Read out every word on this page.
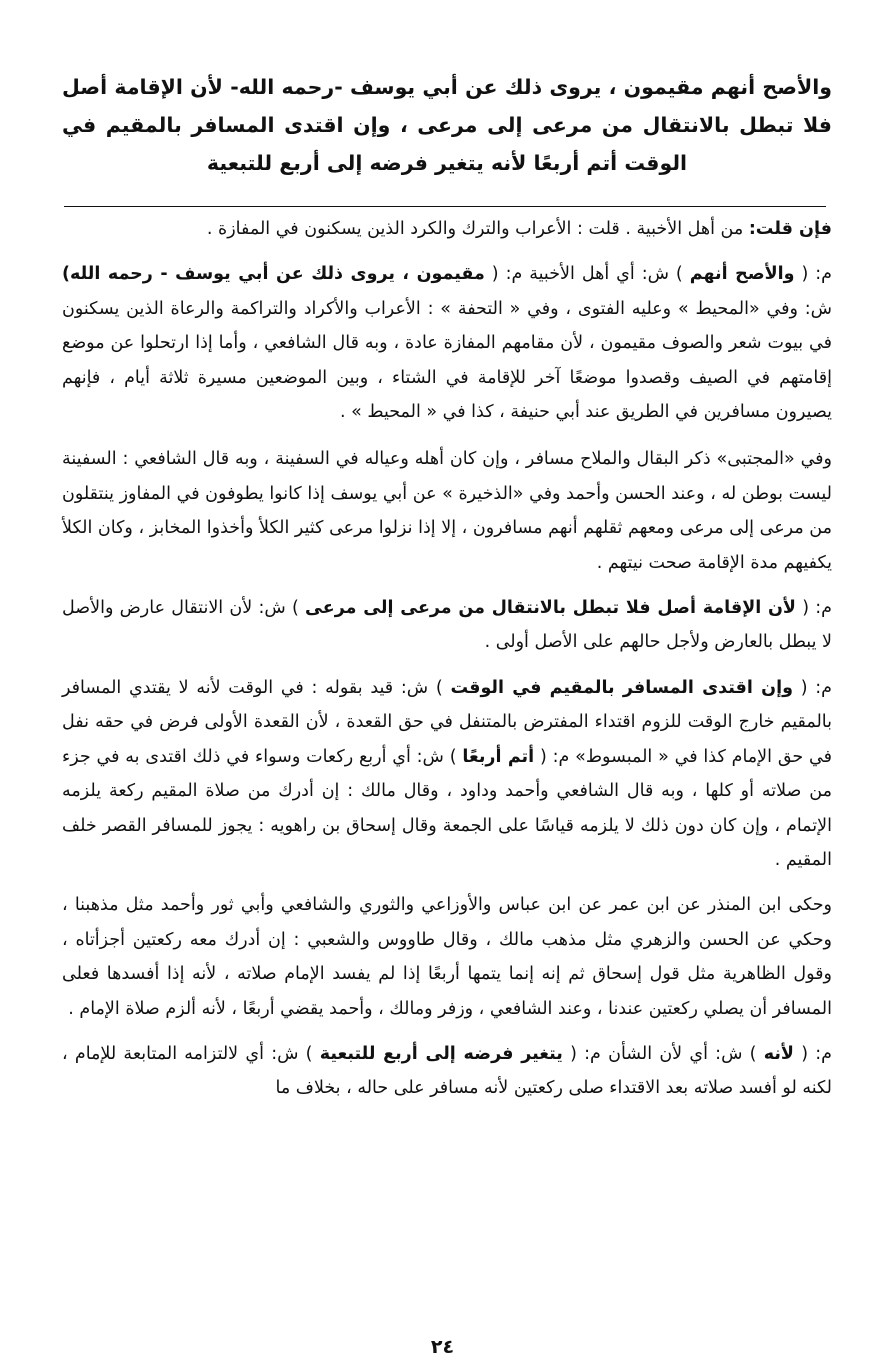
والأصح أنهم مقيمون ، يروى ذلك عن أبي يوسف -رحمه الله- لأن الإقامة أصل فلا تبطل بالانتقال من مرعى إلى مرعى ، وإن اقتدى المسافر بالمقيم في الوقت أتم أربعًا لأنه يتغير فرضه إلى أربع للتبعية

فإن قلت: من أهل الأخبية . قلت : الأعراب والترك والكرد الذين يسكنون في المفازة .

م: ( والأصح أنهم ) ش: أي أهل الأخبية م: ( مقيمون ، يروى ذلك عن أبي يوسف - رحمه الله) ش: وفي «المحيط » وعليه الفتوى ، وفي « التحفة » : الأعراب والأكراد والتراكمة والرعاة الذين يسكنون في بيوت شعر والصوف مقيمون ، لأن مقامهم المفازة عادة ، وبه قال الشافعي ، وأما إذا ارتحلوا عن موضع إقامتهم في الصيف وقصدوا موضعًا آخر للإقامة في الشتاء ، وبين الموضعين مسيرة ثلاثة أيام ، فإنهم يصيرون مسافرين في الطريق عند أبي حنيفة ، كذا في « المحيط » .

وفي «المجتبى» ذكر البقال والملاح مسافر ، وإن كان أهله وعياله في السفينة ، وبه قال الشافعي : السفينة ليست بوطن له ، وعند الحسن وأحمد وفي «الذخيرة » عن أبي يوسف إذا كانوا يطوفون في المفاوز ينتقلون من مرعى إلى مرعى ومعهم ثقلهم أنهم مسافرون ، إلا إذا نزلوا مرعى كثير الكلأ وأخذوا المخابز ، وكان الكلأ يكفيهم مدة الإقامة صحت نيتهم .

م: ( لأن الإقامة أصل فلا تبطل بالانتقال من مرعى إلى مرعى ) ش: لأن الانتقال عارض والأصل لا يبطل بالعارض ولأجل حالهم على الأصل أولى .

م: ( وإن اقتدى المسافر بالمقيم في الوقت ) ش: قيد بقوله : في الوقت لأنه لا يقتدي المسافر بالمقيم خارج الوقت للزوم اقتداء المفترض بالمتنفل في حق القعدة ، لأن القعدة الأولى فرض في حقه نفل في حق الإمام كذا في « المبسوط» م: ( أتم أربعًا ) ش: أي أربع ركعات وسواء في ذلك اقتدى به في جزء من صلاته أو كلها ، وبه قال الشافعي وأحمد وداود ، وقال مالك : إن أدرك من صلاة المقيم ركعة يلزمه الإتمام ، وإن كان دون ذلك لا يلزمه قياسًا على الجمعة وقال إسحاق بن راهويه : يجوز للمسافر القصر خلف المقيم .

وحكى ابن المنذر عن ابن عمر عن ابن عباس والأوزاعي والثوري والشافعي وأبي ثور وأحمد مثل مذهبنا ، وحكي عن الحسن والزهري مثل مذهب مالك ، وقال طاووس والشعبي : إن أدرك معه ركعتين أجزأتاه ، وقول الظاهرية مثل قول إسحاق ثم إنه إنما يتمها أربعًا إذا لم يفسد الإمام صلاته ، لأنه إذا أفسدها فعلى المسافر أن يصلي ركعتين عندنا ، وعند الشافعي ، وزفر ومالك ، وأحمد يقضي أربعًا ، لأنه ألزم صلاة الإمام .

م: ( لأنه ) ش: أي لأن الشأن م: ( يتغير فرضه إلى أربع للتبعية ) ش: أي لالتزامه المتابعة للإمام ، لكنه لو أفسد صلاته بعد الاقتداء صلى ركعتين لأنه مسافر على حاله ، بخلاف ما

٢٤
